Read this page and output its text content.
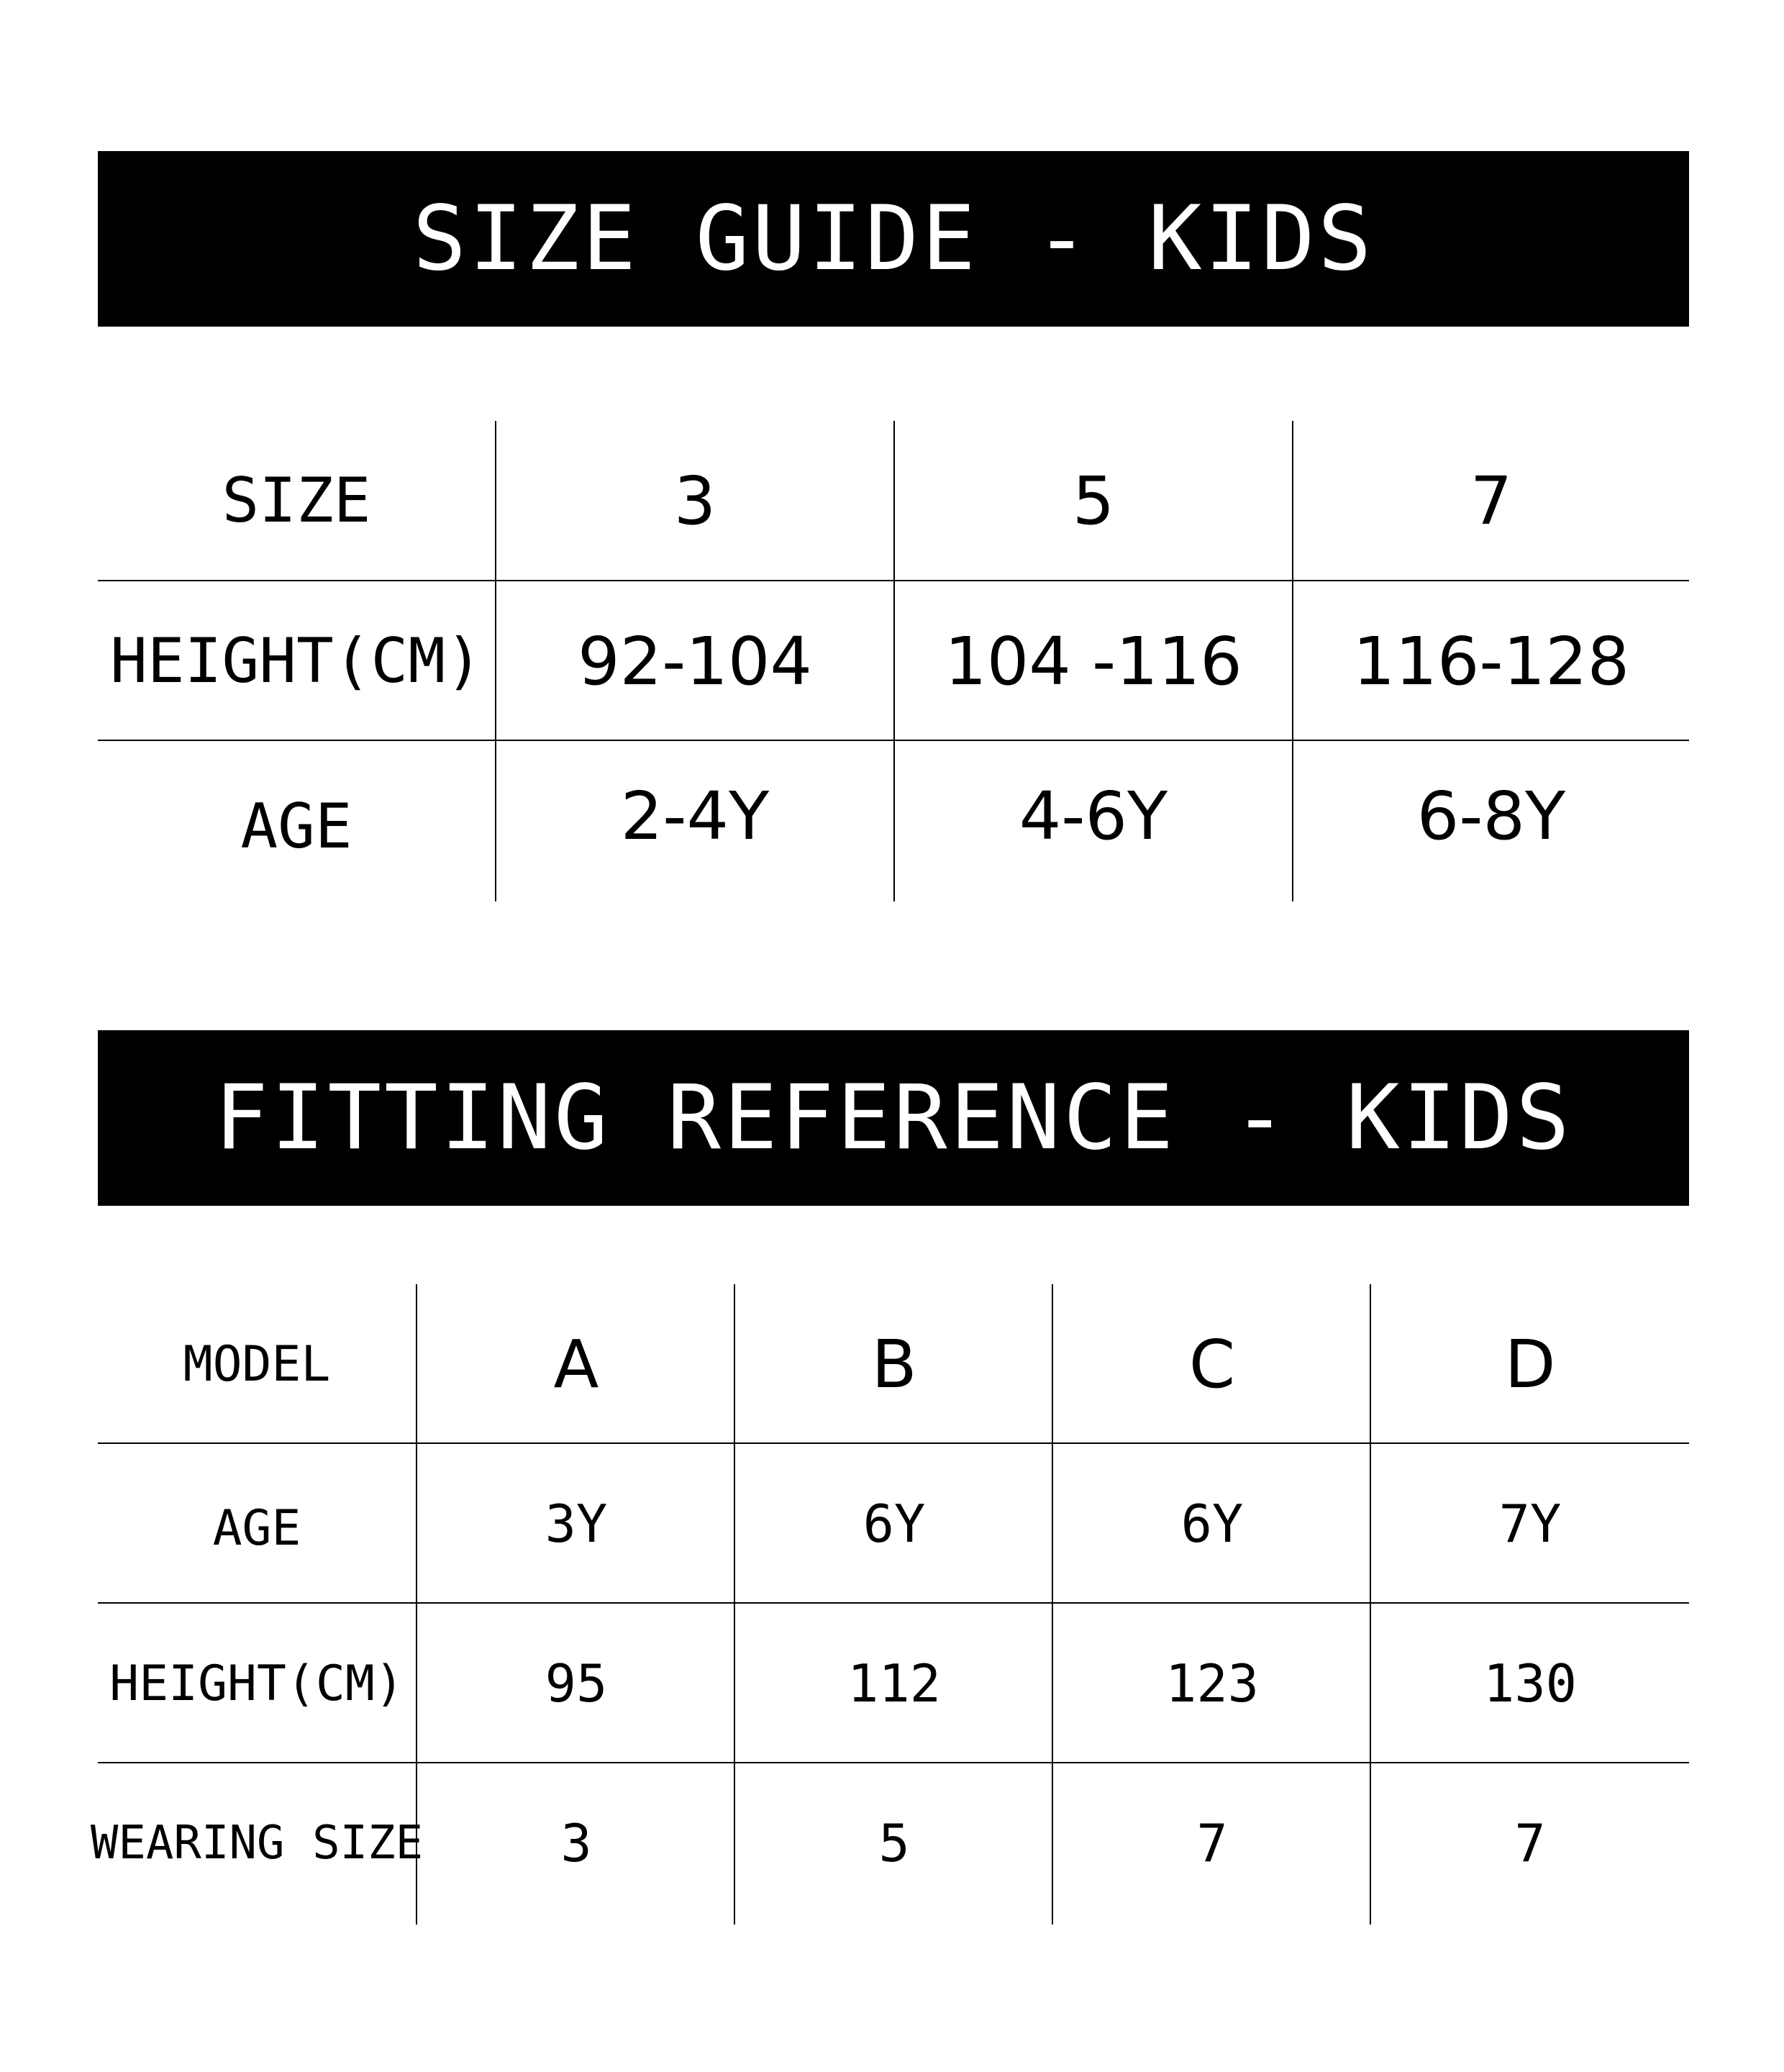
SIZE GUIDE - KIDS
SIZE	3	5	7
HEIGHT(CM)	92-104	104 -116	116-128
AGE	2-4Y	4-6Y	6-8Y
FITTING REFERENCE - KIDS
MODEL	A	B	C	D
AGE	3Y	6Y	6Y	7Y
HEIGHT(CM)	95	112	123	130
WEARING SIZE	3	5	7	7
